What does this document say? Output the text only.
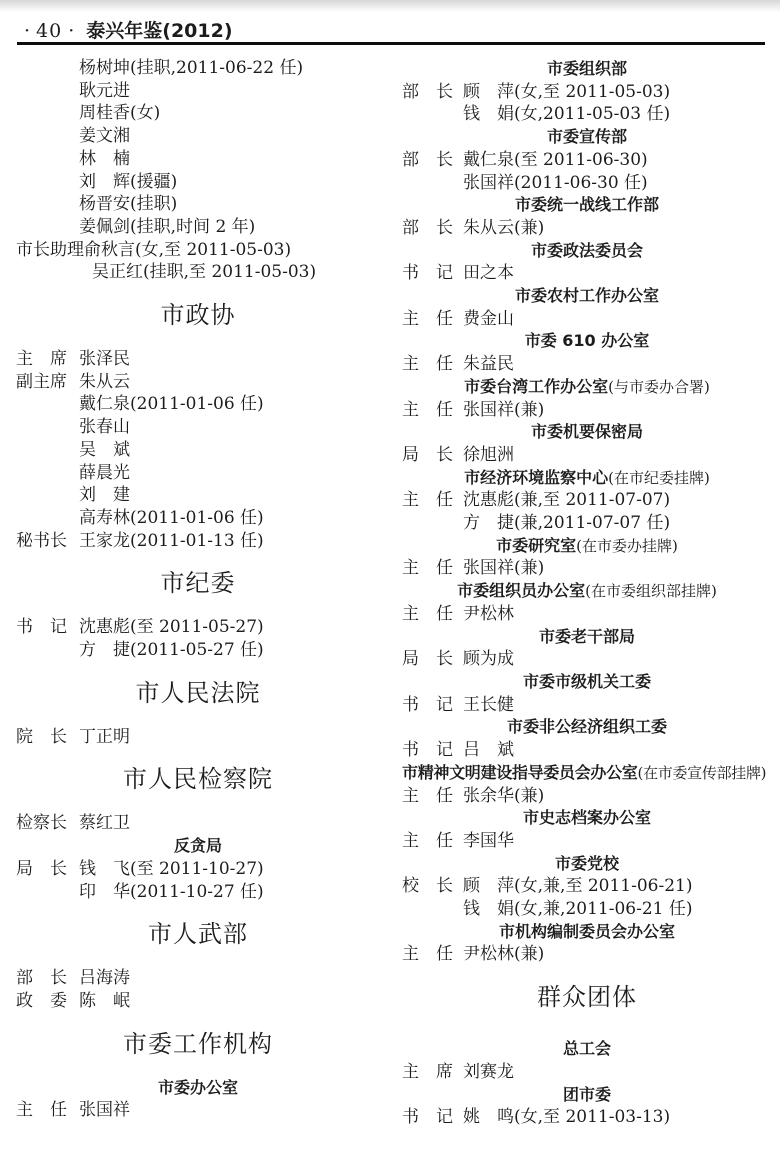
· 40 · 泰兴年鉴(2012)
杨树坤(挂职,2011-06-22 任)
耿元进
周桂香(女)
姜文湘
林　楠
刘　辉(援疆)
杨晋安(挂职)
姜佩剑(挂职,时间 2 年)
市长助理俞秋言(女,至 2011-05-03)
吴正红(挂职,至 2011-05-03)
市政协
主　席 张泽民
副主席 朱从云
戴仁泉(2011-01-06 任)
张春山
吴　斌
薛晨光
刘　建
高寿林(2011-01-06 任)
秘书长 王家龙(2011-01-13 任)
市纪委
书　记 沈惠彪(至 2011-05-27)
方　捷(2011-05-27 任)
市人民法院
院　长 丁正明
市人民检察院
检察长 蔡红卫
反贪局
局　长 钱　飞(至 2011-10-27)
印　华(2011-10-27 任)
市人武部
部　长 吕海涛
政　委 陈　岷
市委工作机构
市委办公室
主　任 张国祥
市委组织部
部　长 顾　萍(女,至 2011-05-03)
钱　娟(女,2011-05-03 任)
市委宣传部
部　长 戴仁泉(至 2011-06-30)
张国祥(2011-06-30 任)
市委统一战线工作部
部　长 朱从云(兼)
市委政法委员会
书　记 田之本
市委农村工作办公室
主　任 费金山
市委 610 办公室
主　任 朱益民
市委台湾工作办公室(与市委办合署)
主　任 张国祥(兼)
市委机要保密局
局　长 徐旭洲
市经济环境监察中心(在市纪委挂牌)
主　任 沈惠彪(兼,至 2011-07-07)
方　捷(兼,2011-07-07 任)
市委研究室(在市委办挂牌)
主　任 张国祥(兼)
市委组织员办公室(在市委组织部挂牌)
主　任 尹松林
市委老干部局
局　长 顾为成
市委市级机关工委
书　记 王长健
市委非公经济组织工委
书　记 吕　斌
市精神文明建设指导委员会办公室(在市委宣传部挂牌)
主　任 张余华(兼)
市史志档案办公室
主　任 李国华
市委党校
校　长 顾　萍(女,兼,至 2011-06-21)
钱　娟(女,兼,2011-06-21 任)
市机构编制委员会办公室
主　任 尹松林(兼)
群众团体
总工会
主　席 刘赛龙
团市委
书　记 姚　鸣(女,至 2011-03-13)
